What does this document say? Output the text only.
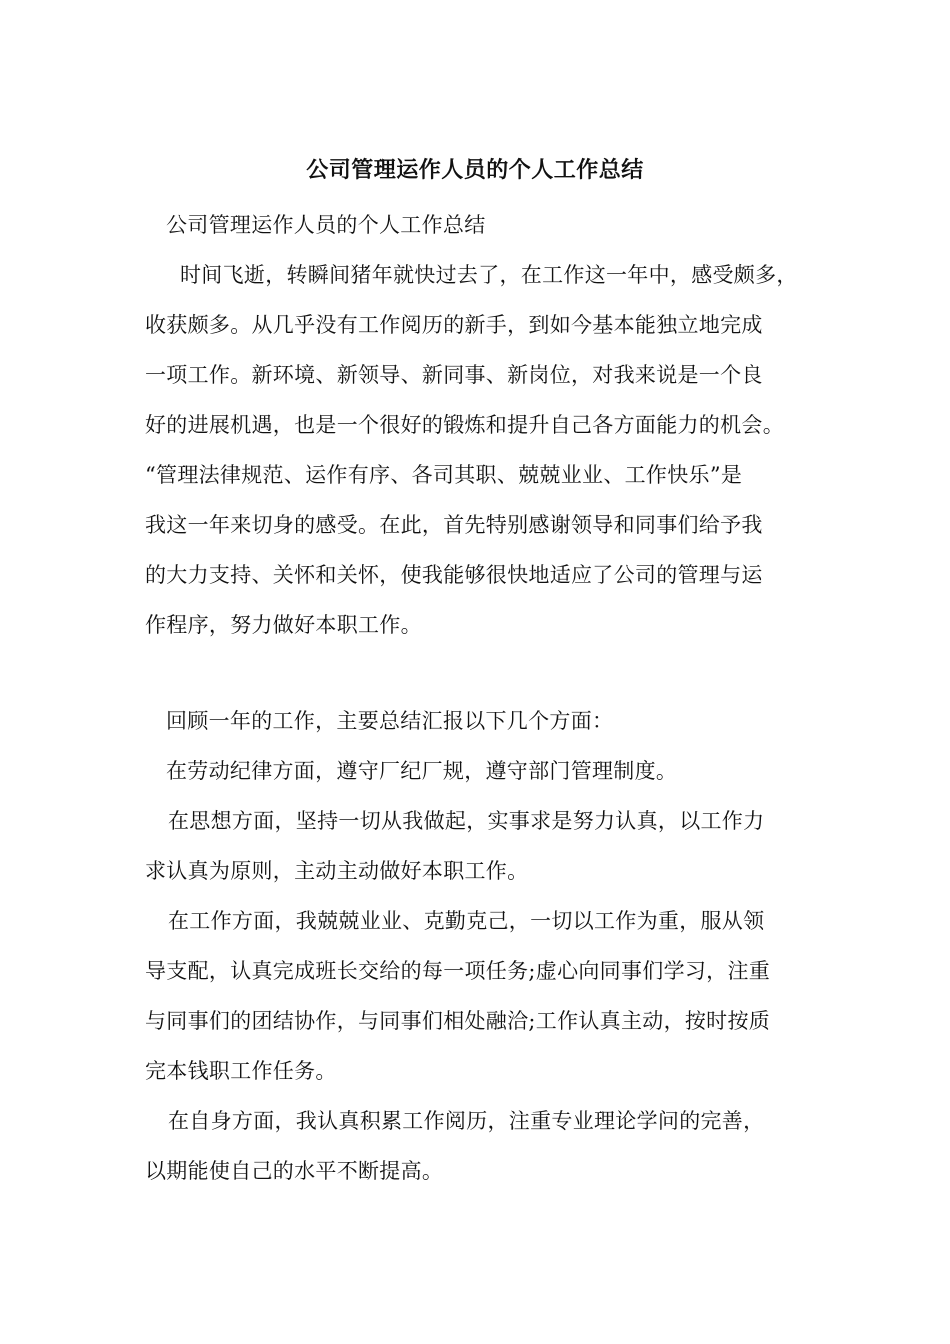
公司管理运作人员的个人工作总结
公司管理运作人员的个人工作总结
时间飞逝，转瞬间猪年就快过去了，在工作这一年中，感受颇多，
收获颇多。从几乎没有工作阅历的新手，到如今基本能独立地完成
一项工作。新环境、新领导、新同事、新岗位，对我来说是一个良
好的进展机遇，也是一个很好的锻炼和提升自己各方面能力的机会。
“管理法律规范、运作有序、各司其职、兢兢业业、工作快乐”是
我这一年来切身的感受。在此，首先特别感谢领导和同事们给予我
的大力支持、关怀和关怀，使我能够很快地适应了公司的管理与运
作程序，努力做好本职工作。
回顾一年的工作，主要总结汇报以下几个方面：
在劳动纪律方面，遵守厂纪厂规，遵守部门管理制度。
在思想方面，坚持一切从我做起，实事求是努力认真，以工作力
求认真为原则，主动主动做好本职工作。
在工作方面，我兢兢业业、克勤克己，一切以工作为重，服从领
导支配，认真完成班长交给的每一项任务;虚心向同事们学习，注重
与同事们的团结协作，与同事们相处融洽;工作认真主动，按时按质
完本钱职工作任务。
在自身方面，我认真积累工作阅历，注重专业理论学问的完善，
以期能使自己的水平不断提高。
